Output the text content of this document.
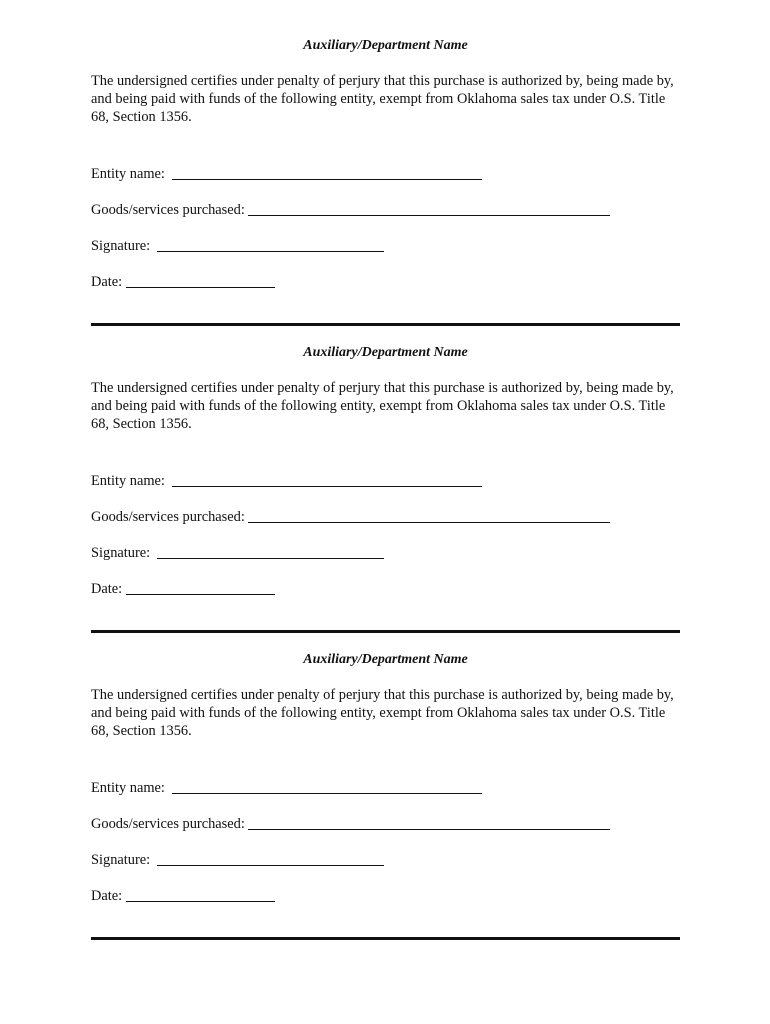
Auxiliary/Department Name

The undersigned certifies under penalty of perjury that this purchase is authorized by, being made by, and being paid with funds of the following entity, exempt from Oklahoma sales tax under O.S. Title 68, Section 1356.

Entity name:
Goods/services purchased:
Signature:
Date:
Auxiliary/Department Name

The undersigned certifies under penalty of perjury that this purchase is authorized by, being made by, and being paid with funds of the following entity, exempt from Oklahoma sales tax under O.S. Title 68, Section 1356.

Entity name:
Goods/services purchased:
Signature:
Date:
Auxiliary/Department Name

The undersigned certifies under penalty of perjury that this purchase is authorized by, being made by, and being paid with funds of the following entity, exempt from Oklahoma sales tax under O.S. Title 68, Section 1356.

Entity name:
Goods/services purchased:
Signature:
Date:
